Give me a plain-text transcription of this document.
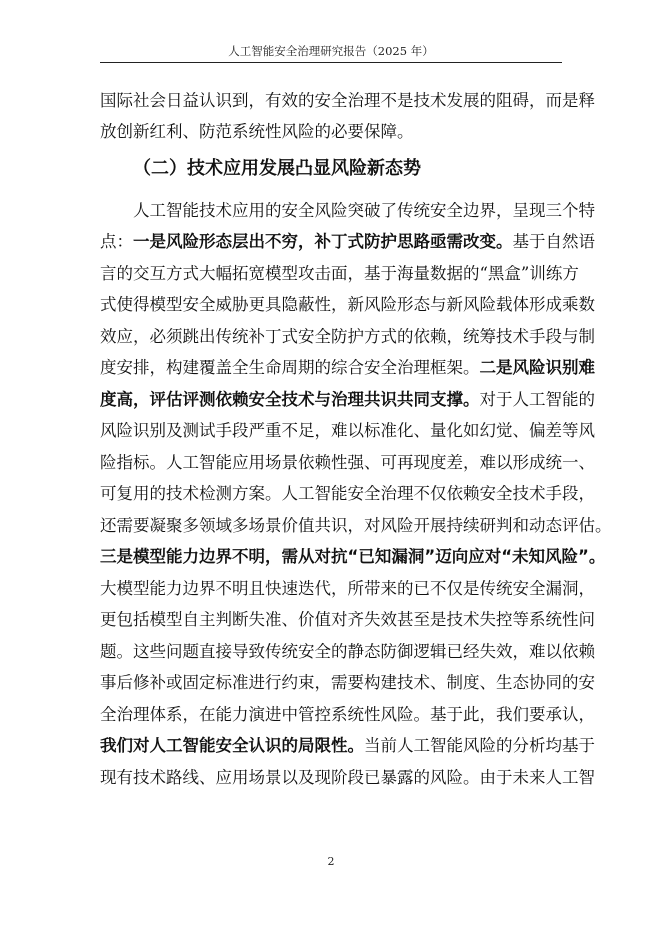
人工智能安全治理研究报告（2025 年）
国际社会日益认识到，有效的安全治理不是技术发展的阻碍，而是释
放创新红利、防范系统性风险的必要保障。
（二）技术应用发展凸显风险新态势
人工智能技术应用的安全风险突破了传统安全边界，呈现三个特
点：一是风险形态层出不穷，补丁式防护思路亟需改变。基于自然语
言的交互方式大幅拓宽模型攻击面，基于海量数据的“黑盒”训练方
式使得模型安全威胁更具隐蔽性，新风险形态与新风险载体形成乘数
效应，必须跳出传统补丁式安全防护方式的依赖，统筹技术手段与制
度安排，构建覆盖全生命周期的综合安全治理框架。二是风险识别难
度高，评估评测依赖安全技术与治理共识共同支撑。对于人工智能的
风险识别及测试手段严重不足，难以标准化、量化如幻觉、偏差等风
险指标。人工智能应用场景依赖性强、可再现度差，难以形成统一、
可复用的技术检测方案。人工智能安全治理不仅依赖安全技术手段，
还需要凝聚多领域多场景价值共识，对风险开展持续研判和动态评估。
三是模型能力边界不明，需从对抗“已知漏洞”迈向应对“未知风险”。
大模型能力边界不明且快速迭代，所带来的已不仅是传统安全漏洞，
更包括模型自主判断失准、价值对齐失效甚至是技术失控等系统性问
题。这些问题直接导致传统安全的静态防御逻辑已经失效，难以依赖
事后修补或固定标准进行约束，需要构建技术、制度、生态协同的安
全治理体系，在能力演进中管控系统性风险。基于此，我们要承认，
我们对人工智能安全认识的局限性。当前人工智能风险的分析均基于
现有技术路线、应用场景以及现阶段已暴露的风险。由于未来人工智
2
